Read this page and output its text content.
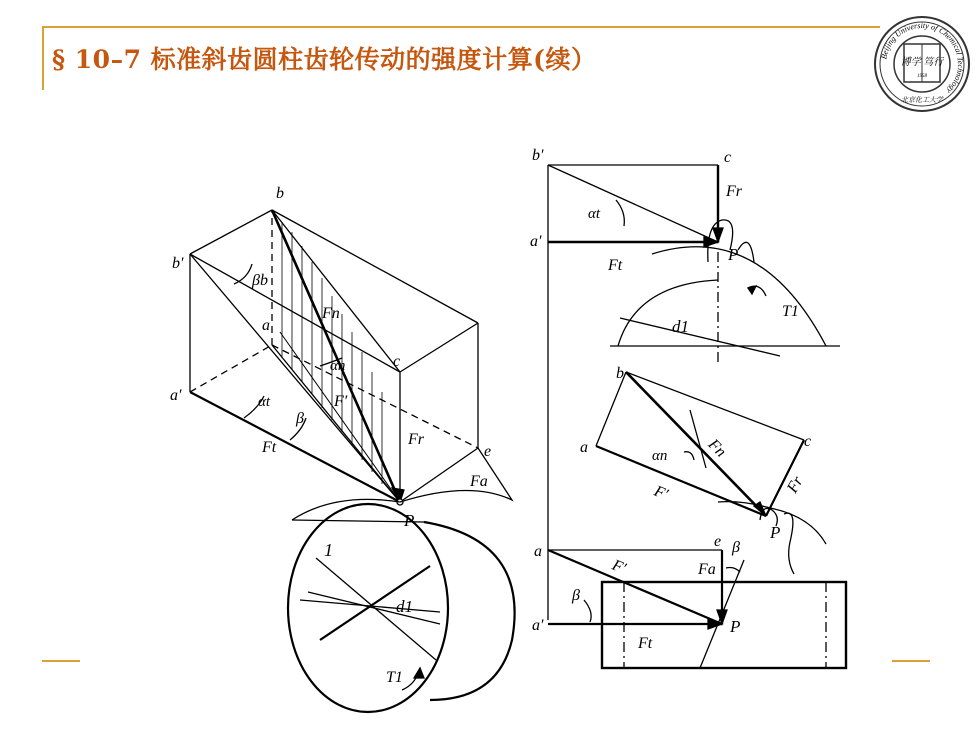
§ 10–7 标准斜齿圆柱齿轮传动的强度计算(续）	Beijing University of Chemical Technology
博学 笃行
1958
北京化工大学
b
b′
a
a′
c
e
P
βb
Fn
αn
αt
β
F′
Fr
Ft
Fa
1
d1
T1
b′	c
Fr
αt
a′
Ft
P
T1
d1
b
a	αn Fn
F′
c
Fr
P
a
e β
F′	Fa
β
a′	P
Ft
